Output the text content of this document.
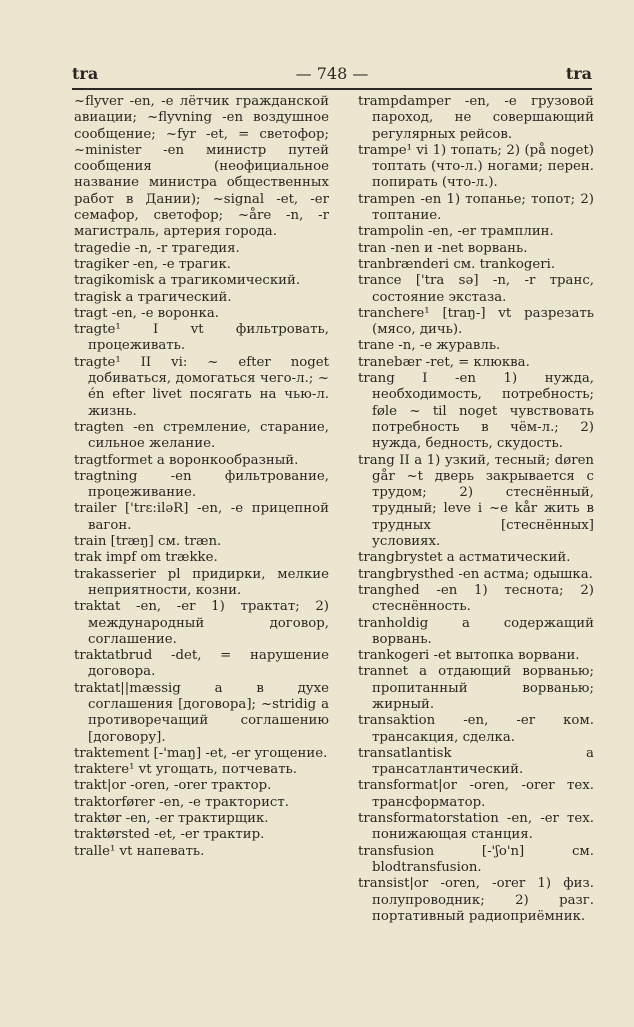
tra	— 748 —	tra

~flyver -en, -e лётчик гражданской авиации; ~flyvning -en воздушное сообщение; ~fyr -et, = светофор; ~minister -en министр путей сообщения (неофициальное название министра общественных работ в Дании); ~signal -et, -er семафор, светофор; ~åre -n, -r магистраль, артерия города.

tragedie -n, -r трагедия.

tragiker -en, -e трагик.

tragikomisk a трагикомический.

tragisk a трагический.

tragt -en, -e воронка.

tragte¹ I vt фильтровать, процеживать.

tragte¹ II vi: ~ efter noget добиваться, домогаться чего-л.; ~ én efter livet посягать на чью-л. жизнь.

tragten -en стремление, старание, сильное желание.

tragtformet a воронкообразный.

tragtning -en фильтрование, процеживание.

trailer ['trɛ:ilәR] -en, -e прицепной вагон.

train [træŋ] см. træn.

trak impf om trække.

trakasserier pl придирки, мелкие неприятности, козни.

traktat -en, -er 1) трактат; 2) международный договор, соглашение.

traktatbrud -det, = нарушение договора.

traktat||mæssig a в духе соглашения [договора]; ~stridig a противоречащий соглашению [договору].

traktement [-'maŋ] -et, -er угощение.

traktere¹ vt угощать, потчевать.

trakt|or -oren, -orer трактор.

traktorfører -en, -e тракторист.

traktør -en, -er трактирщик.

traktørsted -et, -er трактир.

tralle¹ vt напевать.

trampdamper -en, -e грузовой пароход, не совершающий регулярных рейсов.

trampe¹ vi 1) топать; 2) (på noget) топтать (что-л.) ногами; перен. попирать (что-л.).

trampen -en 1) топанье; топот; 2) топтание.

trampolin -en, -er трамплин.

tran -nen и -net ворвань.

tranbrænderi см. trankogeri.

trance ['tra sә] -n, -r транс, состояние экстаза.

tranchere¹ [traŋ-] vt разрезать (мясо, дичь).

trane -n, -e журавль.

tranebær -ret, = клюква.

trang I -en 1) нужда, необходимость, потребность; føle ~ til noget чувствовать потребность в чём-л.; 2) нужда, бедность, скудость.

trang II a 1) узкий, тесный; døren går ~t дверь закрывается с трудом; 2) стеснённый, трудный; leve i ~e kår жить в трудных [стеснённых] условиях.

trangbrystet a астматический.

trangbrysthed -en астма; одышка.

tranghed -en 1) теснота; 2) стеснённость.

tranholdig a содержащий ворвань.

trankogeri -et вытопка ворвани.

trannet a отдающий ворванью; пропитанный ворванью; жирный.

transaktion -en, -er ком. трансакция, сделка.

transatlantisk a трансатлантический.

transformat|or -oren, -orer тех. трансформатор.

transformatorstation -en, -er тех. понижающая станция.

transfusion [-'ʃo'n] см. blodtransfusion.

transist|or -oren, -orer 1) физ. полупроводник; 2) разг. портативный радиоприёмник.
